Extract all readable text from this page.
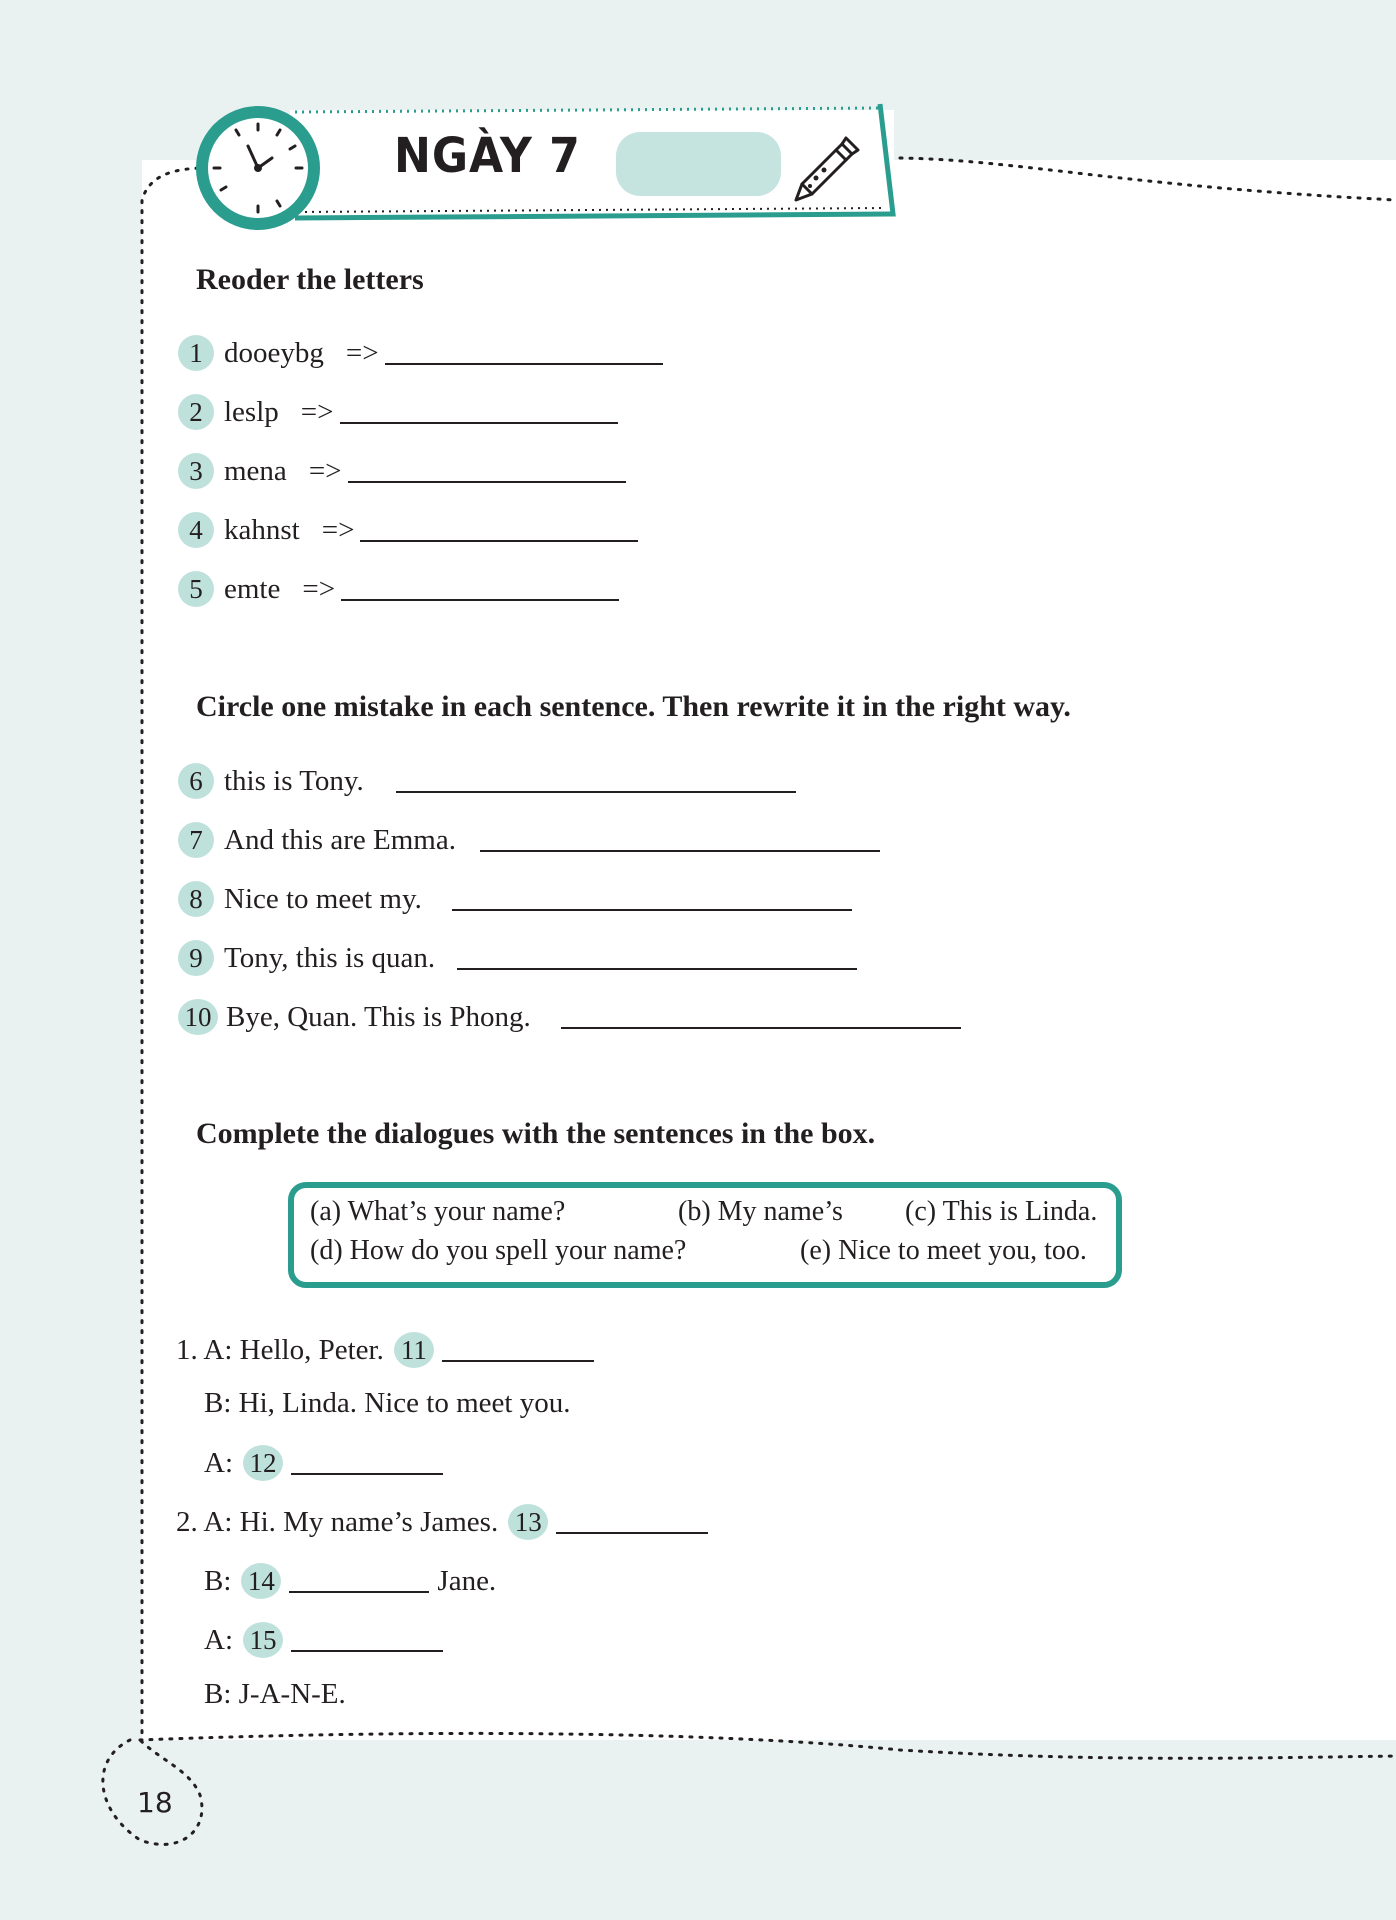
NGÀY 7
Reoder the letters
1 dooeybg =>
2 leslp =>
3 mena =>
4 kahnst =>
5 emte =>
Circle one mistake in each sentence. Then rewrite it in the right way.
6 this is Tony.
7 And this are Emma.
8 Nice to meet my.
9 Tony, this is quan.
10 Bye, Quan. This is Phong.
Complete the dialogues with the sentences in the box.
(a) What’s your name?	(b) My name’s (c) This is Linda.
(d) How do you spell your name?	(e) Nice to meet you, too.
1. A: Hello, Peter. 11
B: Hi, Linda. Nice to meet you.
A: 12
2. A: Hi. My name’s James. 13
B: 14	Jane.
A: 15
B: J-A-N-E.
18
